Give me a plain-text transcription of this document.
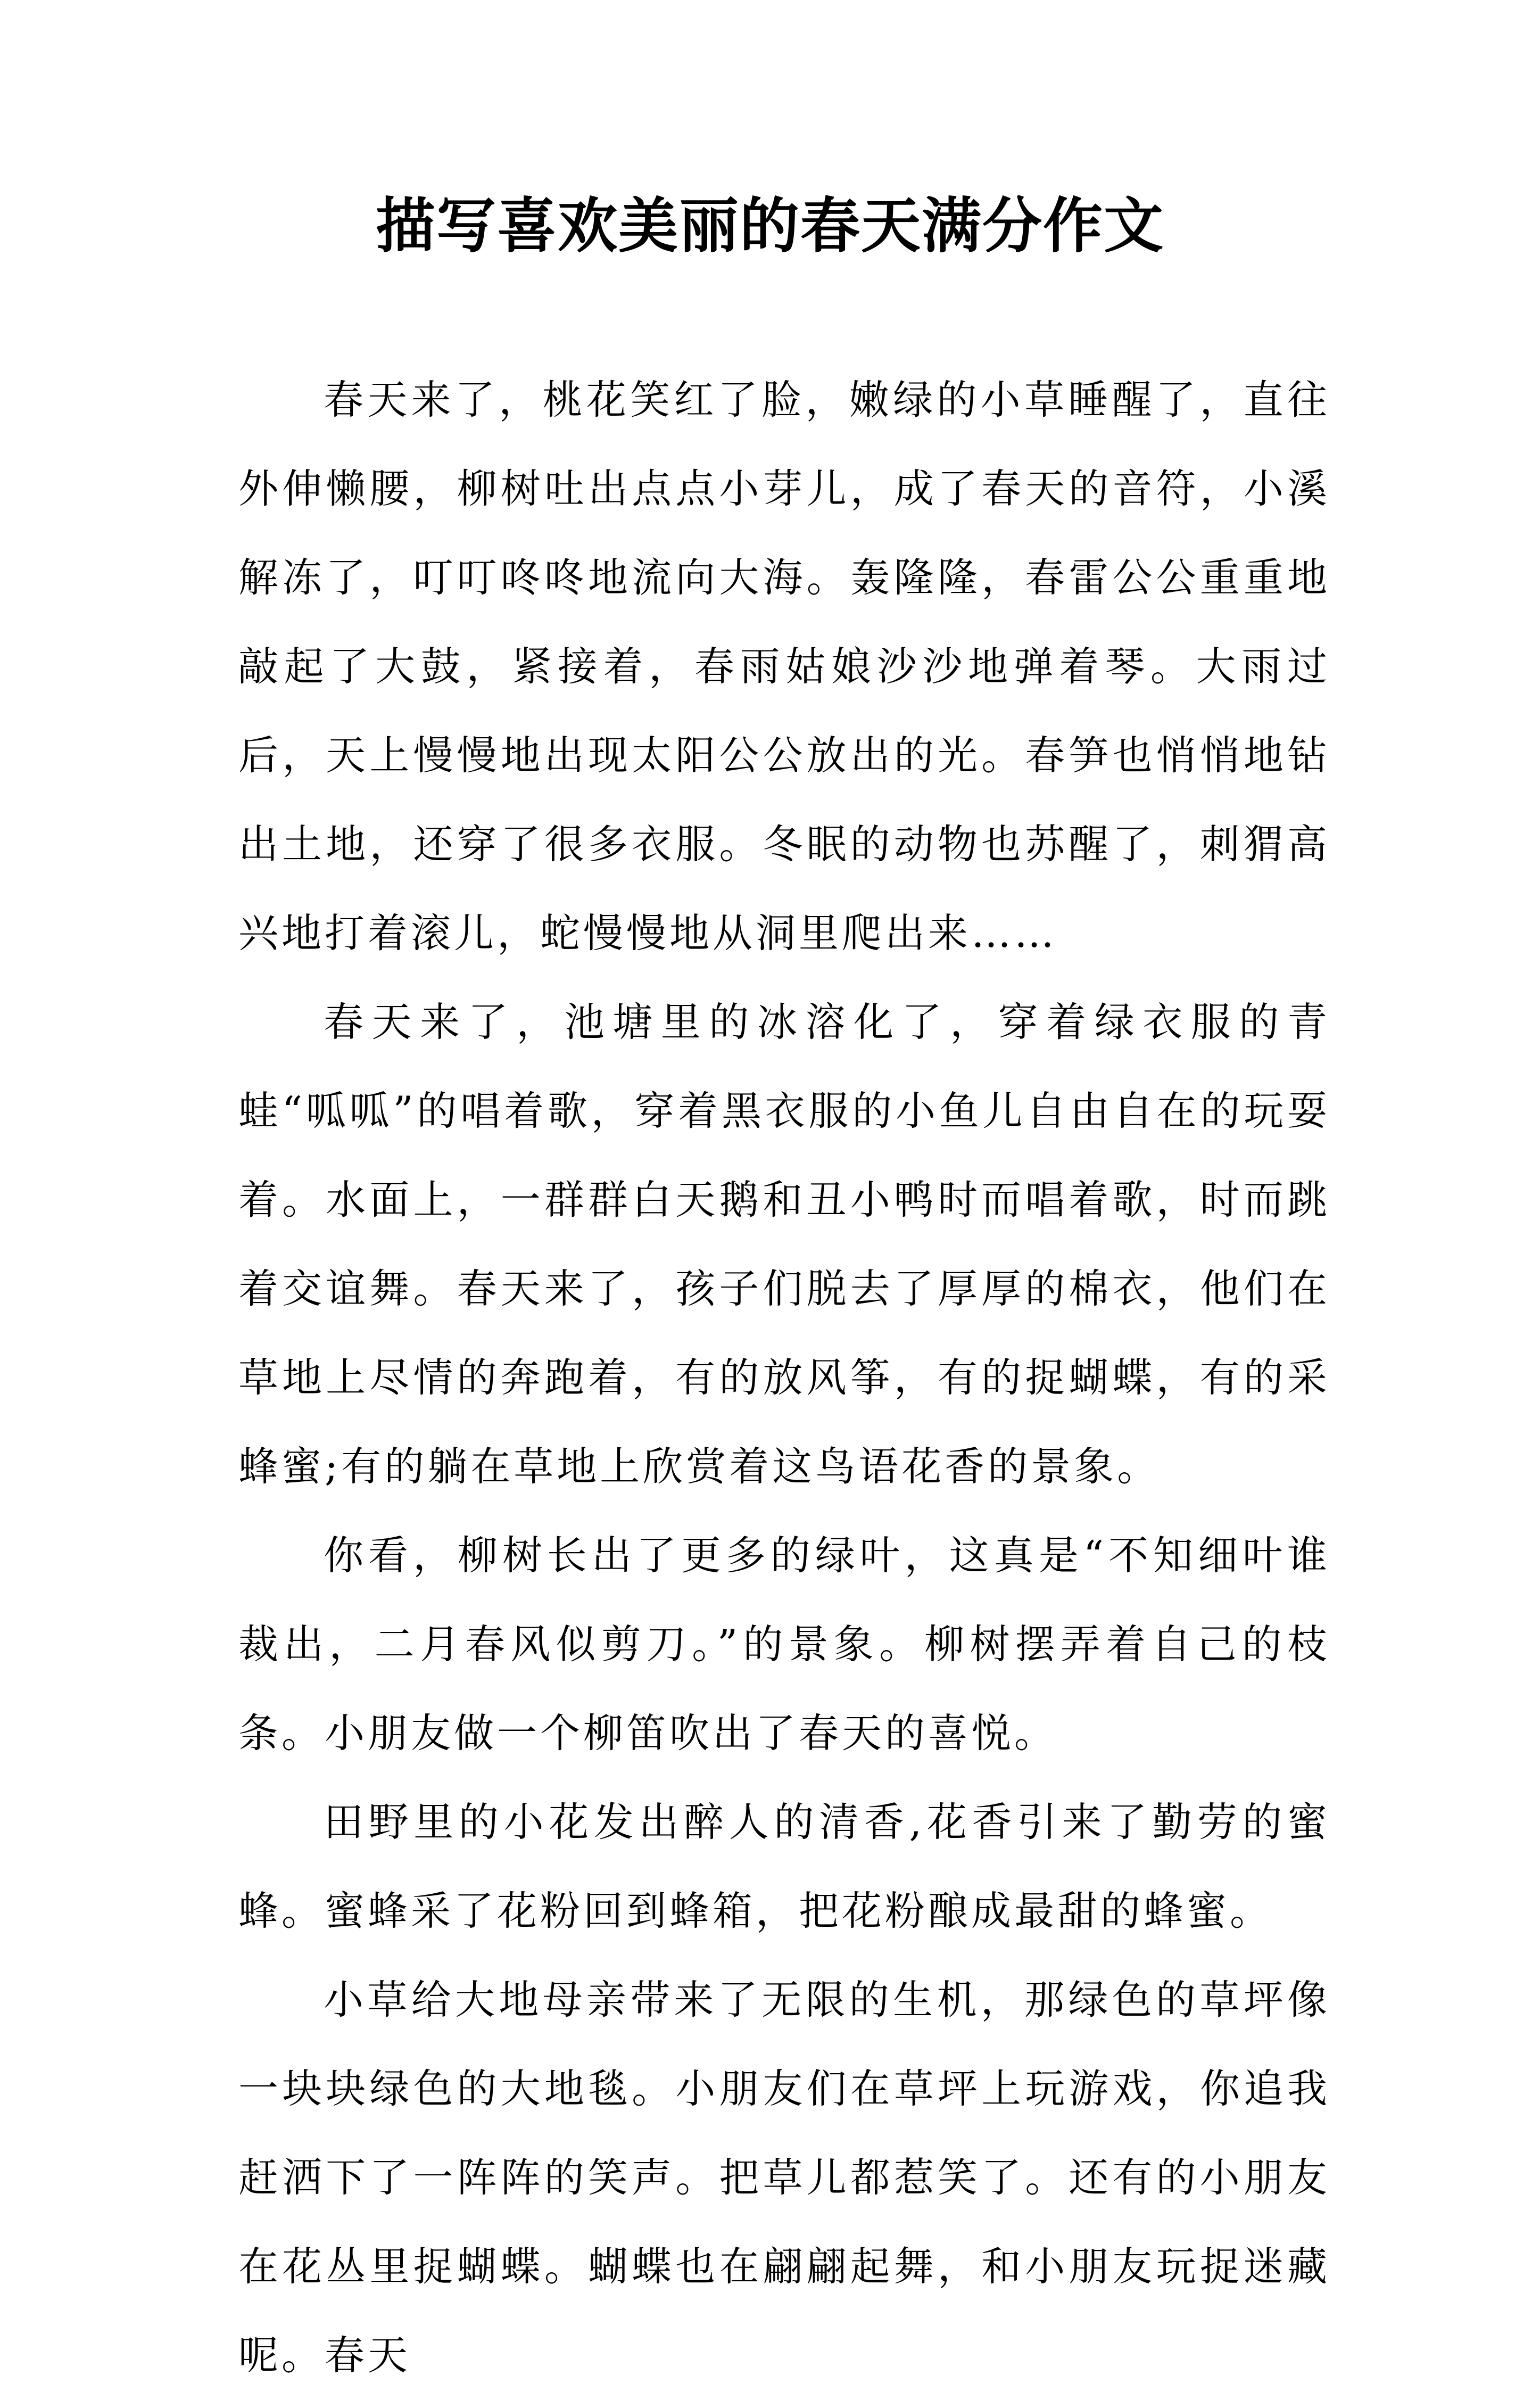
描写喜欢美丽的春天满分作文

春天来了，桃花笑红了脸，嫩绿的小草睡醒了，直往外伸懒腰，柳树吐出点点小芽儿，成了春天的音符，小溪解冻了，叮叮咚咚地流向大海。轰隆隆，春雷公公重重地敲起了大鼓，紧接着，春雨姑娘沙沙地弹着琴。大雨过后，天上慢慢地出现太阳公公放出的光。春笋也悄悄地钻出土地，还穿了很多衣服。冬眠的动物也苏醒了，刺猬高兴地打着滚儿，蛇慢慢地从洞里爬出来……

春天来了，池塘里的冰溶化了，穿着绿衣服的青蛙“呱呱”的唱着歌，穿着黑衣服的小鱼儿自由自在的玩耍着。水面上，一群群白天鹅和丑小鸭时而唱着歌，时而跳着交谊舞。春天来了，孩子们脱去了厚厚的棉衣，他们在草地上尽情的奔跑着，有的放风筝，有的捉蝴蝶，有的采蜂蜜;有的躺在草地上欣赏着这鸟语花香的景象。

你看，柳树长出了更多的绿叶，这真是“不知细叶谁裁出，二月春风似剪刀。”的景象。柳树摆弄着自己的枝条。小朋友做一个柳笛吹出了春天的喜悦。

田野里的小花发出醉人的清香,花香引来了勤劳的蜜蜂。蜜蜂采了花粉回到蜂箱，把花粉酿成最甜的蜂蜜。

小草给大地母亲带来了无限的生机，那绿色的草坪像一块块绿色的大地毯。小朋友们在草坪上玩游戏，你追我赶洒下了一阵阵的笑声。把草儿都惹笑了。还有的小朋友在花丛里捉蝴蝶。蝴蝶也在翩翩起舞，和小朋友玩捉迷藏呢。春天
